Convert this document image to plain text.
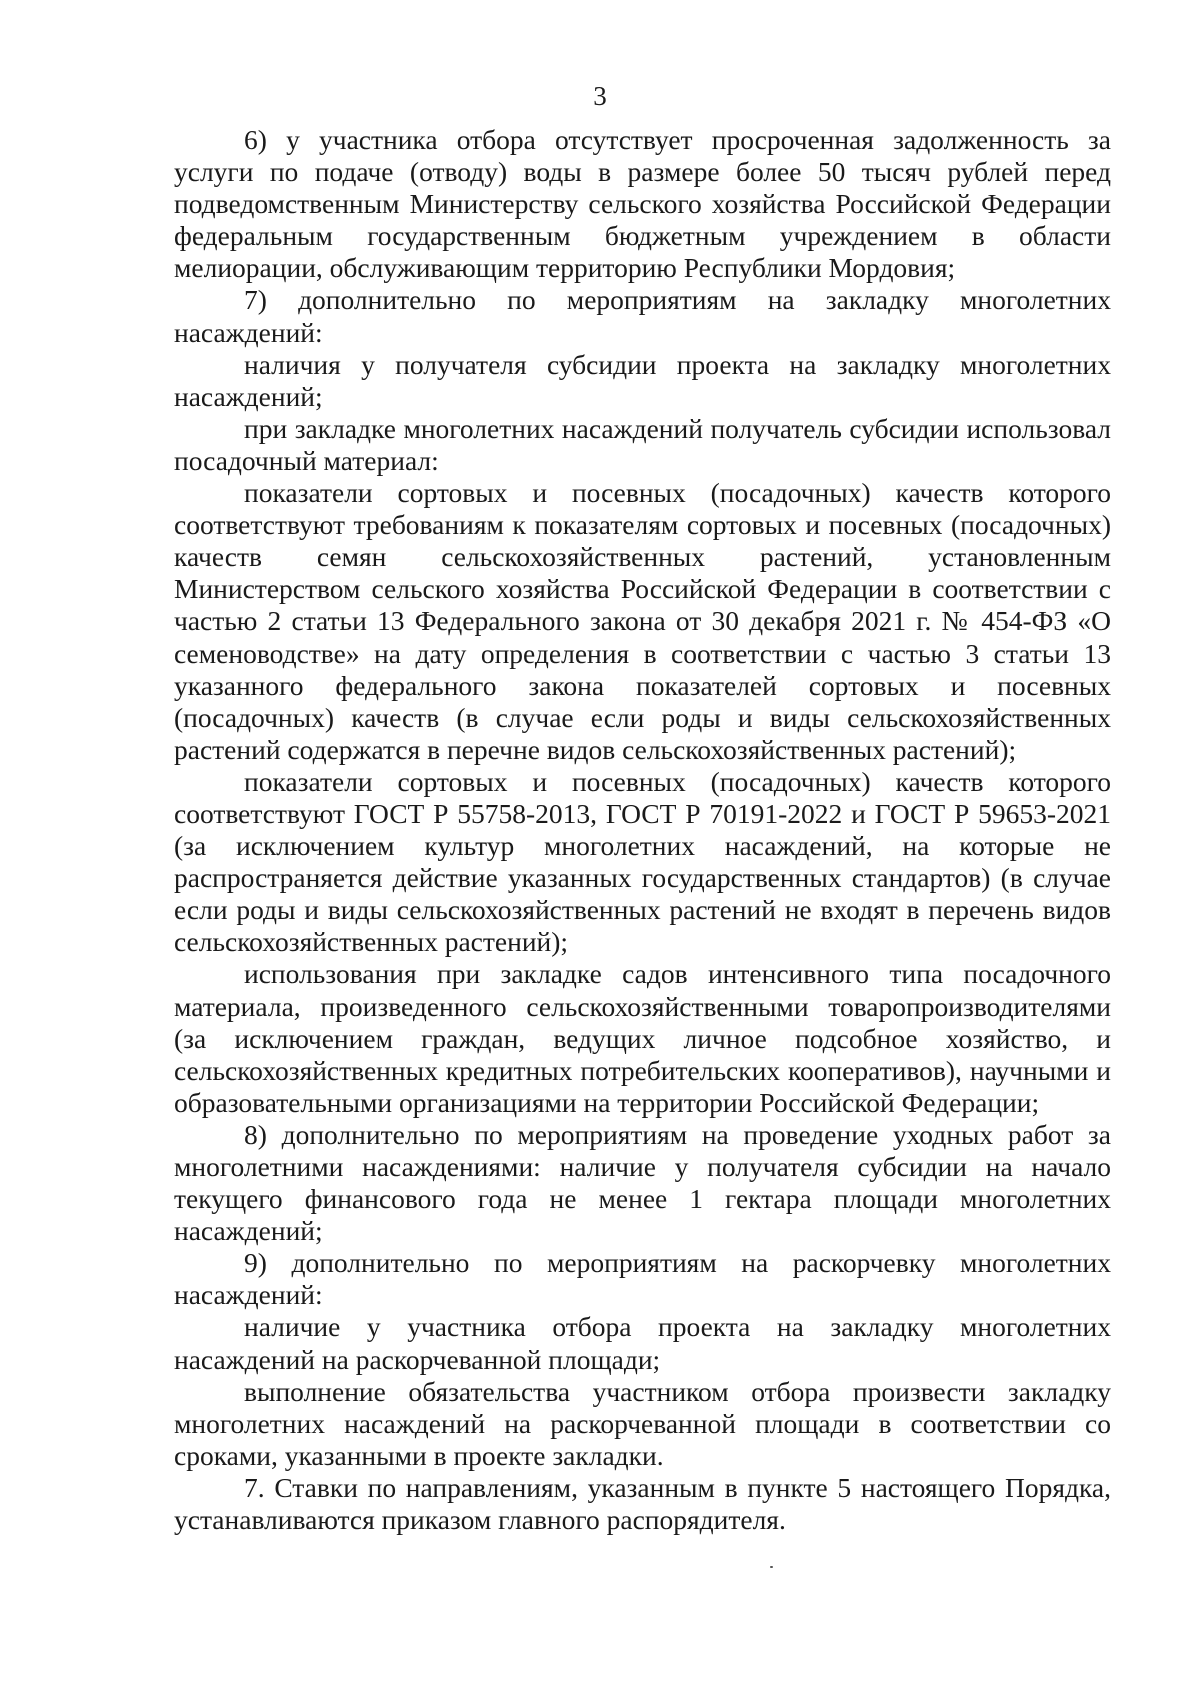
3

6) у участника отбора отсутствует просроченная задолженность за услуги по подаче (отводу) воды в размере более 50 тысяч рублей перед подведомственным Министерству сельского хозяйства Российской Федерации федеральным государственным бюджетным учреждением в области мелиорации, обслуживающим территорию Республики Мордовия;

7) дополнительно по мероприятиям на закладку многолетних насаждений:

наличия у получателя субсидии проекта на закладку многолетних насаждений;

при закладке многолетних насаждений получатель субсидии использовал посадочный материал:

показатели сортовых и посевных (посадочных) качеств которого соответствуют требованиям к показателям сортовых и посевных (посадочных) качеств семян сельскохозяйственных растений, установленным Министерством сельского хозяйства Российской Федерации в соответствии с частью 2 статьи 13 Федерального закона от 30 декабря 2021 г. № 454-ФЗ «О семеноводстве» на дату определения в соответствии с частью 3 статьи 13 указанного федерального закона показателей сортовых и посевных (посадочных) качеств (в случае если роды и виды сельскохозяйственных растений содержатся в перечне видов сельскохозяйственных растений);

показатели сортовых и посевных (посадочных) качеств которого соответствуют ГОСТ Р 55758-2013, ГОСТ Р 70191-2022 и ГОСТ Р 59653-2021 (за исключением культур многолетних насаждений, на которые не распространяется действие указанных государственных стандартов) (в случае если роды и виды сельскохозяйственных растений не входят в перечень видов сельскохозяйственных растений);

использования при закладке садов интенсивного типа посадочного материала, произведенного сельскохозяйственными товаропроизводителями (за исключением граждан, ведущих личное подсобное хозяйство, и сельскохозяйственных кредитных потребительских кооперативов), научными и образовательными организациями на территории Российской Федерации;

8) дополнительно по мероприятиям на проведение уходных работ за многолетними насаждениями: наличие у получателя субсидии на начало текущего финансового года не менее 1 гектара площади многолетних насаждений;

9) дополнительно по мероприятиям на раскорчевку многолетних насаждений:

наличие у участника отбора проекта на закладку многолетних насаждений на раскорчеванной площади;

выполнение обязательства участником отбора произвести закладку многолетних насаждений на раскорчеванной площади в соответствии со сроками, указанными в проекте закладки.

7. Ставки по направлениям, указанным в пункте 5 настоящего Порядка, устанавливаются приказом главного распорядителя.
